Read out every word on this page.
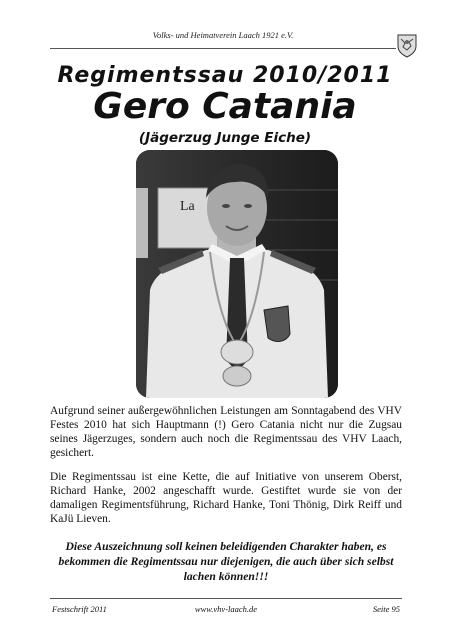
Volks- und Heimatverein Laach 1921 e.V.
Regimentssau 2010/2011
Gero Catania
(Jägerzug Junge Eiche)
La
Aufgrund seiner außergewöhnlichen Leistungen am Sonntagabend des VHV Festes 2010 hat sich Hauptmann (!) Gero Catania nicht nur die Zugsau seines Jägerzuges, sondern auch noch die Regimentssau des VHV Laach, gesichert.
Die Regimentssau ist eine Kette, die auf Initiative von unserem Oberst, Richard Hanke, 2002 angeschafft wurde. Gestiftet wurde sie von der damaligen Regimentsführung, Richard Hanke, Toni Thönig, Dirk Reiff und KaJü Lieven.
Diese Auszeichnung soll keinen beleidigenden Charakter haben, es bekommen die Regimentssau nur diejenigen, die auch über sich selbst lachen können!!!
Festschrift 2011	www.vhv-laach.de	Seite 95
